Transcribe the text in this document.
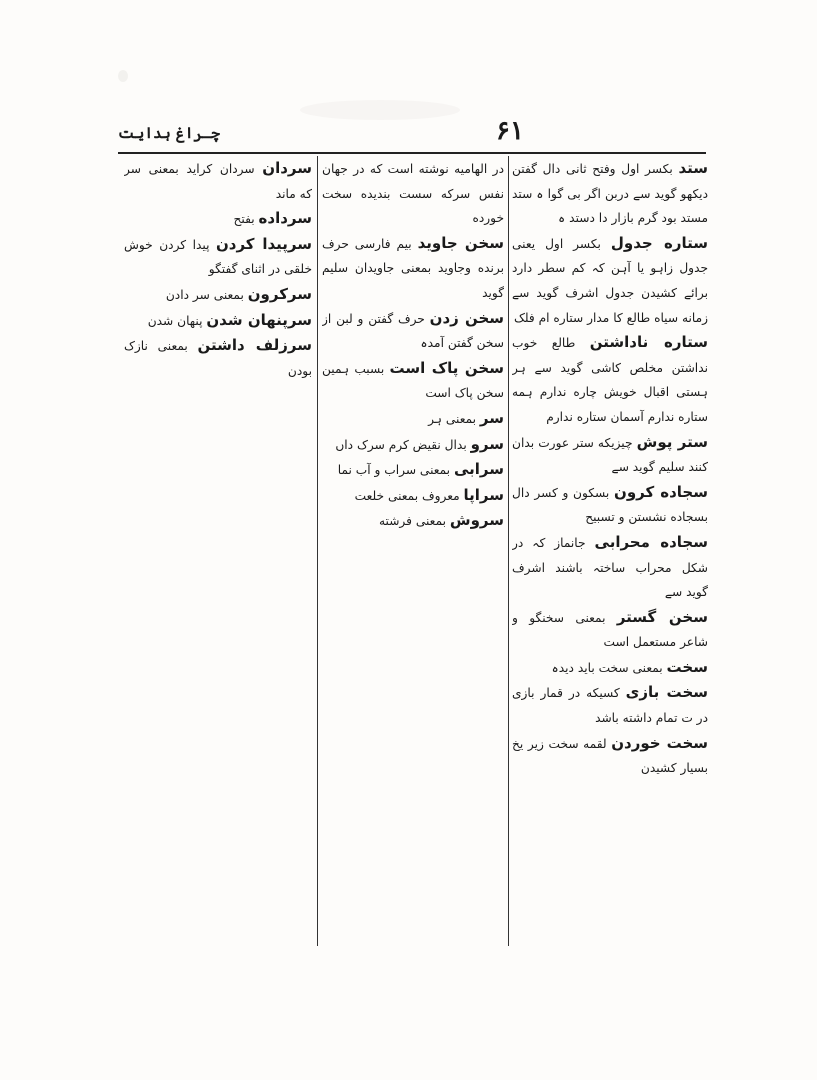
چـراغ ہدایت	۶۱

ستد بکسر اول وفتح ثانی دال گفتن دیکھو گوید سے دربن اگر بی گوا ہ ستد مستد بود گرم بازار دا دستد ہ

ستاره جدول بکسر اول یعنی جدول زاہو یا آہن کہ کم سطر دارد برائے کشیدن جدول اشرف گوید سے زمانه سیاه طالع کا مدار ستاره ام فلک

ستاره ناداشتن طالع خوب نداشتن مخلص کاشی گوید سے ہر ہستی اقبال خویش چاره ندارم ہمه ستاره ندارم آسمان ستاره ندارم

ستر پوش چیزیکه ستر عورت بدان کنند سلیم گوید سے

سجاده کرون بسکون و کسر دال بسجاده نشستن و تسبیح

سجاده محرابی جانماز کہ در شکل محراب ساختہ باشند اشرف گوید سے

سخن گستر بمعنی سخنگو و شاعر مستعمل است

سخت بمعنی سخت باید دیدہ

سخت بازی کسیکه در قمار بازی در ت تمام داشته باشد

سخت خوردن لقمه سخت زیر یخ بسیار کشیدن

در الهامیه نوشته است که در جهان نفس سرکه سست بندیده سخت خورده

سخن جاوید بیم فارسی حرف برنده وجاوید بمعنی جاویدان سلیم گوید

سخن زدن حرف گفتن و لبن از سخن گفتن آمدہ

سخن پاک است بسبب ہمین سخن پاک است

سر بمعنی ہر

سرو بدال نقیض کرم سرک داں

سرابی بمعنی سراب و آب نما

سراپا معروف بمعنی خلعت

سروش بمعنی فرشته

سردان سردان کراید بمعنی سر که ماند

سرداده بفتح

سرپیدا کردن پیدا کردن خوش خلقی در اثنای گفتگو

سرکرون بمعنی سر دادن

سرپنهان شدن پنهان شدن

سرزلف داشتن بمعنی نازک بودن
